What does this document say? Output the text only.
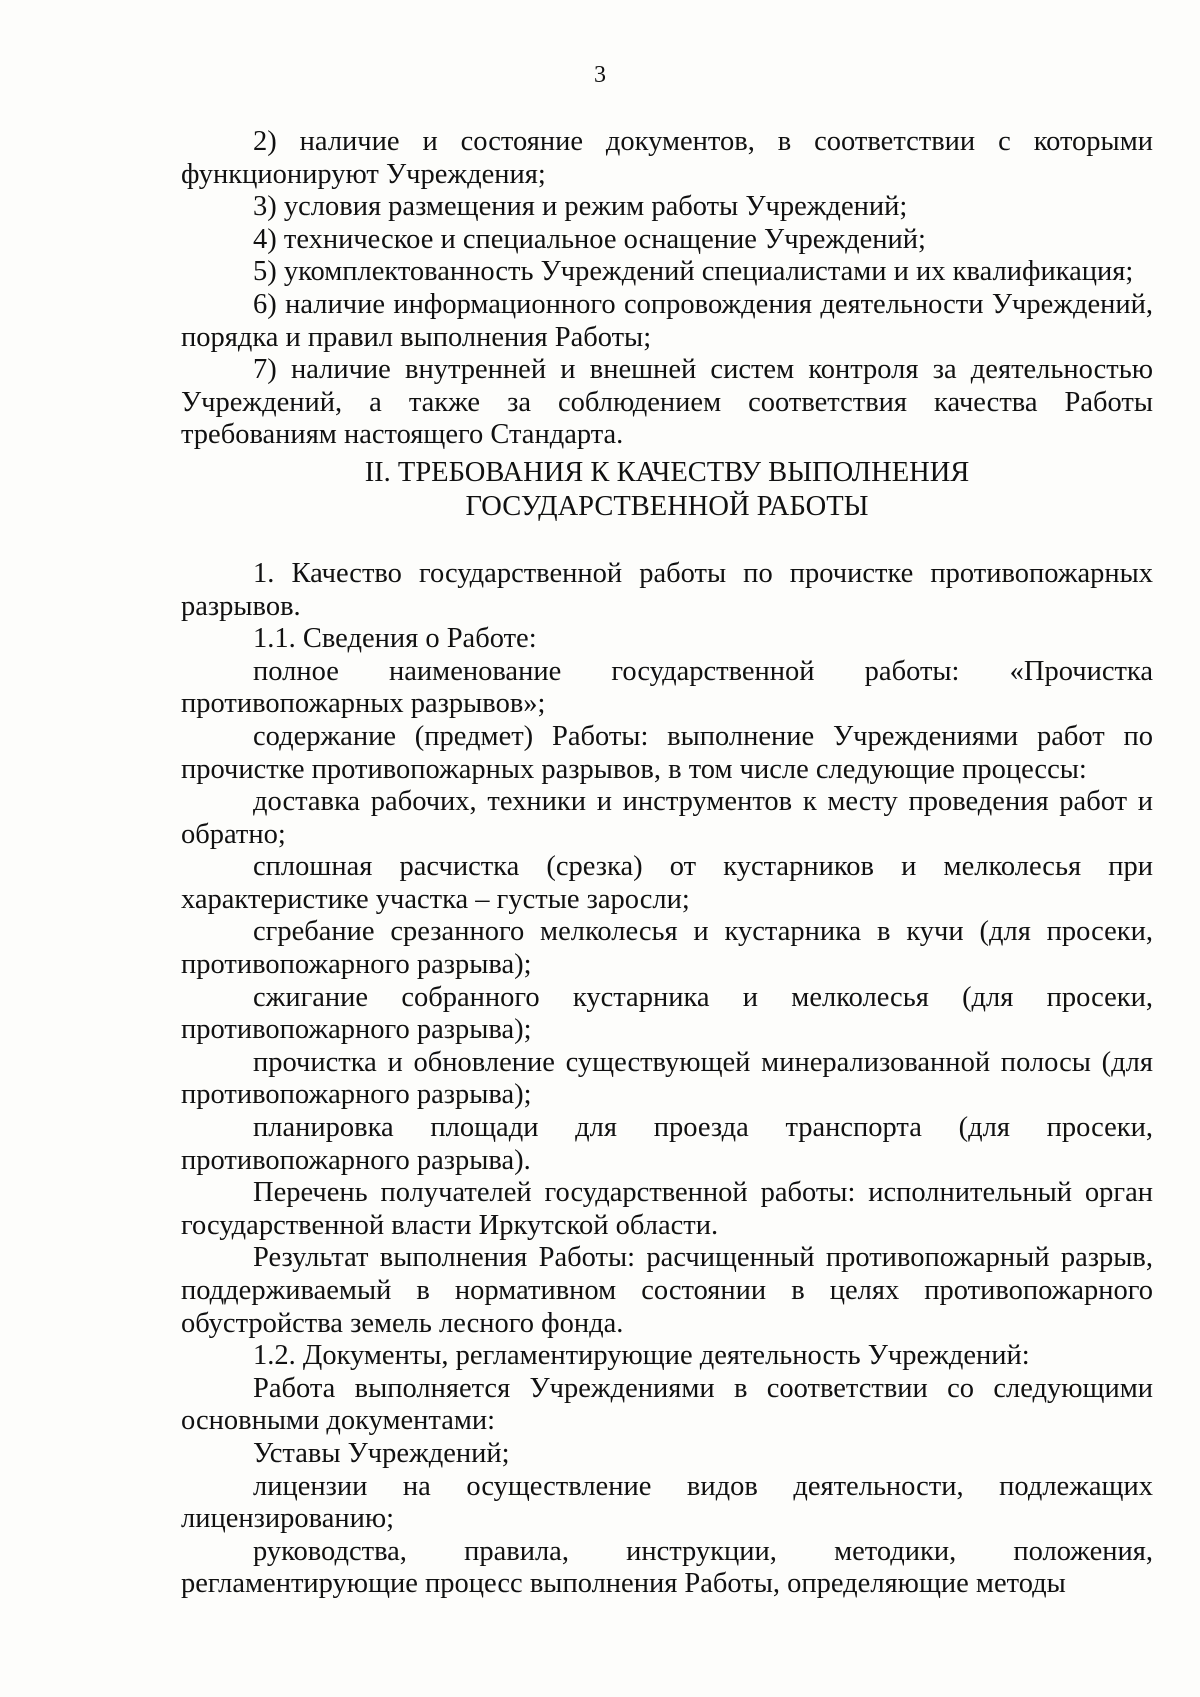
3

2) наличие и состояние документов, в соответствии с которыми функционируют Учреждения;

3) условия размещения и режим работы Учреждений;

4) техническое и специальное оснащение Учреждений;

5) укомплектованность Учреждений специалистами и их квалификация;

6) наличие информационного сопровождения деятельности Учреждений, порядка и правил выполнения Работы;

7) наличие внутренней и внешней систем контроля за деятельностью Учреждений, а также за соблюдением соответствия качества Работы требованиям настоящего Стандарта.

II. ТРЕБОВАНИЯ К КАЧЕСТВУ ВЫПОЛНЕНИЯ
ГОСУДАРСТВЕННОЙ РАБОТЫ

1. Качество государственной работы по прочистке противопожарных разрывов.

1.1. Сведения о Работе:

полное наименование государственной работы: «Прочистка противопожарных разрывов»;

содержание (предмет) Работы: выполнение Учреждениями работ по прочистке противопожарных разрывов, в том числе следующие процессы:

доставка рабочих, техники и инструментов к месту проведения работ и обратно;

сплошная расчистка (срезка) от кустарников и мелколесья при характеристике участка – густые заросли;

сгребание срезанного мелколесья и кустарника в кучи (для просеки, противопожарного разрыва);

сжигание собранного кустарника и мелколесья (для просеки, противопожарного разрыва);

прочистка и обновление существующей минерализованной полосы (для противопожарного разрыва);

планировка площади для проезда транспорта (для просеки, противопожарного разрыва).

Перечень получателей государственной работы: исполнительный орган государственной власти Иркутской области.

Результат выполнения Работы: расчищенный противопожарный разрыв, поддерживаемый в нормативном состоянии в целях противопожарного обустройства земель лесного фонда.

1.2. Документы, регламентирующие деятельность Учреждений:

Работа выполняется Учреждениями в соответствии со следующими основными документами:

Уставы Учреждений;

лицензии на осуществление видов деятельности, подлежащих лицензированию;

руководства, правила, инструкции, методики, положения, регламентирующие процесс выполнения Работы, определяющие методы
